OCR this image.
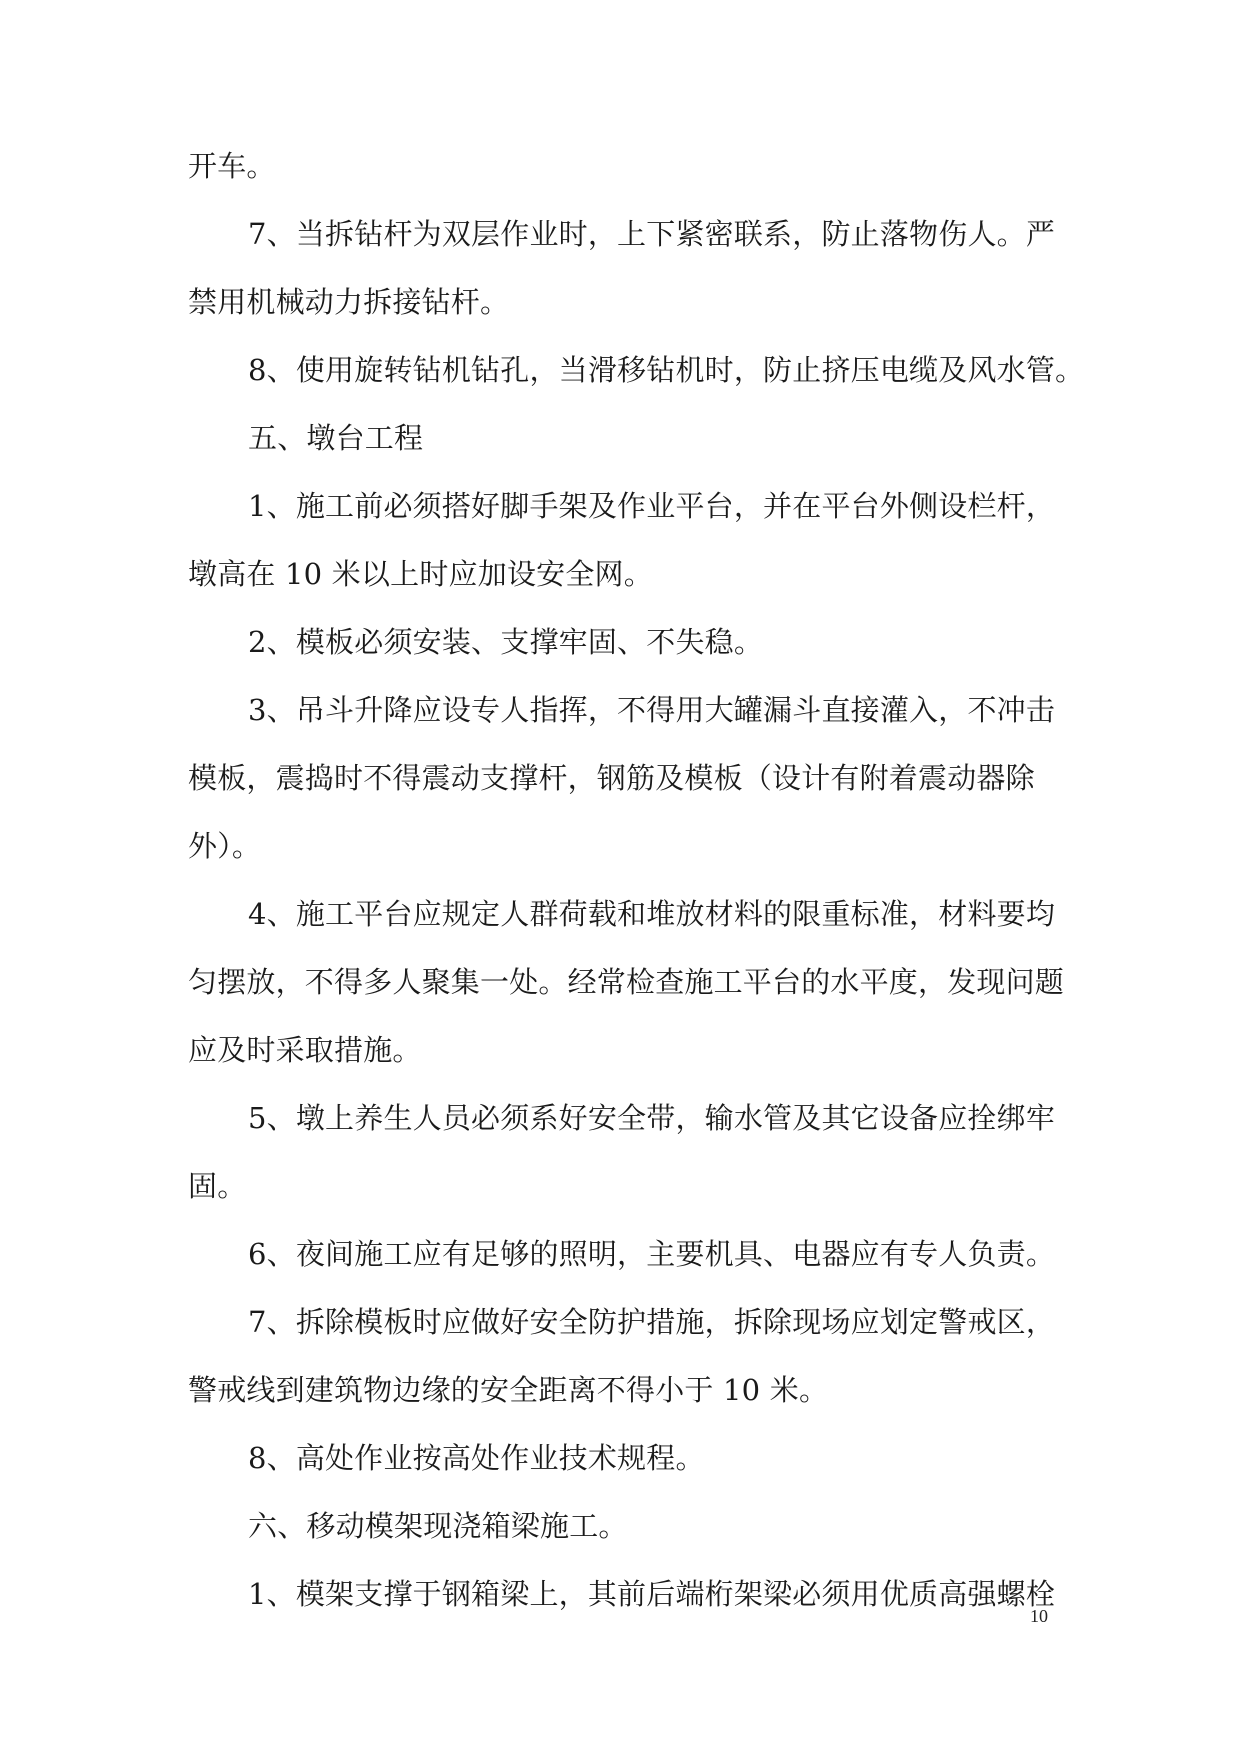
开车。
7、当拆钻杆为双层作业时，上下紧密联系，防止落物伤人。严
禁用机械动力拆接钻杆。
8、使用旋转钻机钻孔，当滑移钻机时，防止挤压电缆及风水管。
五、墩台工程
1、施工前必须搭好脚手架及作业平台，并在平台外侧设栏杆，
墩高在 10 米以上时应加设安全网。
2、模板必须安装、支撑牢固、不失稳。
3、吊斗升降应设专人指挥，不得用大罐漏斗直接灌入，不冲击
模板，震捣时不得震动支撑杆，钢筋及模板（设计有附着震动器除
外）。
4、施工平台应规定人群荷载和堆放材料的限重标准，材料要均
匀摆放，不得多人聚集一处。经常检查施工平台的水平度，发现问题
应及时采取措施。
5、墩上养生人员必须系好安全带，输水管及其它设备应拴绑牢
固。
6、夜间施工应有足够的照明，主要机具、电器应有专人负责。
7、拆除模板时应做好安全防护措施，拆除现场应划定警戒区，
警戒线到建筑物边缘的安全距离不得小于 10 米。
8、高处作业按高处作业技术规程。
六、移动模架现浇箱梁施工。
1、模架支撑于钢箱梁上，其前后端桁架梁必须用优质高强螺栓
10
